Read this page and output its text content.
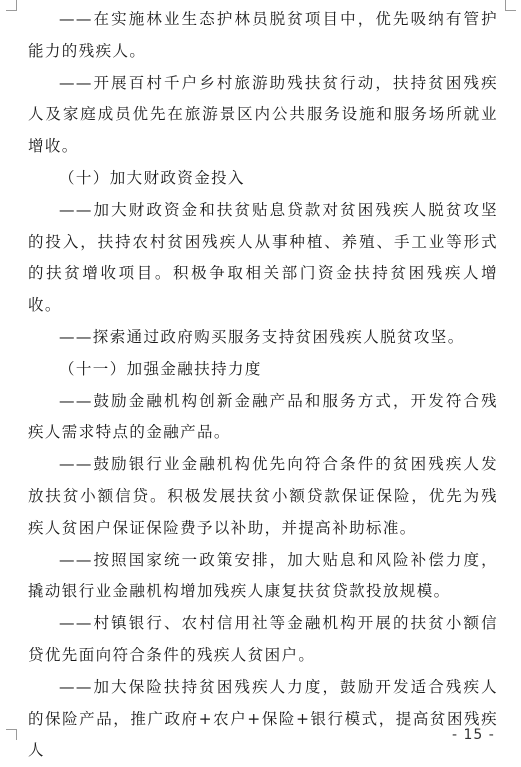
——在实施林业生态护林员脱贫项目中，优先吸纳有管护能力的残疾人。

——开展百村千户乡村旅游助残扶贫行动，扶持贫困残疾人及家庭成员优先在旅游景区内公共服务设施和服务场所就业增收。

（十）加大财政资金投入

——加大财政资金和扶贫贴息贷款对贫困残疾人脱贫攻坚的投入，扶持农村贫困残疾人从事种植、养殖、手工业等形式的扶贫增收项目。积极争取相关部门资金扶持贫困残疾人增收。

——探索通过政府购买服务支持贫困残疾人脱贫攻坚。

（十一）加强金融扶持力度

——鼓励金融机构创新金融产品和服务方式，开发符合残疾人需求特点的金融产品。

——鼓励银行业金融机构优先向符合条件的贫困残疾人发放扶贫小额信贷。积极发展扶贫小额贷款保证保险，优先为残疾人贫困户保证保险费予以补助，并提高补助标准。

——按照国家统一政策安排，加大贴息和风险补偿力度，撬动银行业金融机构增加残疾人康复扶贫贷款投放规模。

——村镇银行、农村信用社等金融机构开展的扶贫小额信贷优先面向符合条件的残疾人贫困户。

——加大保险扶持贫困残疾人力度，鼓励开发适合残疾人的保险产品，推广政府+农户+保险+银行模式，提高贫困残疾人

- 15 -
